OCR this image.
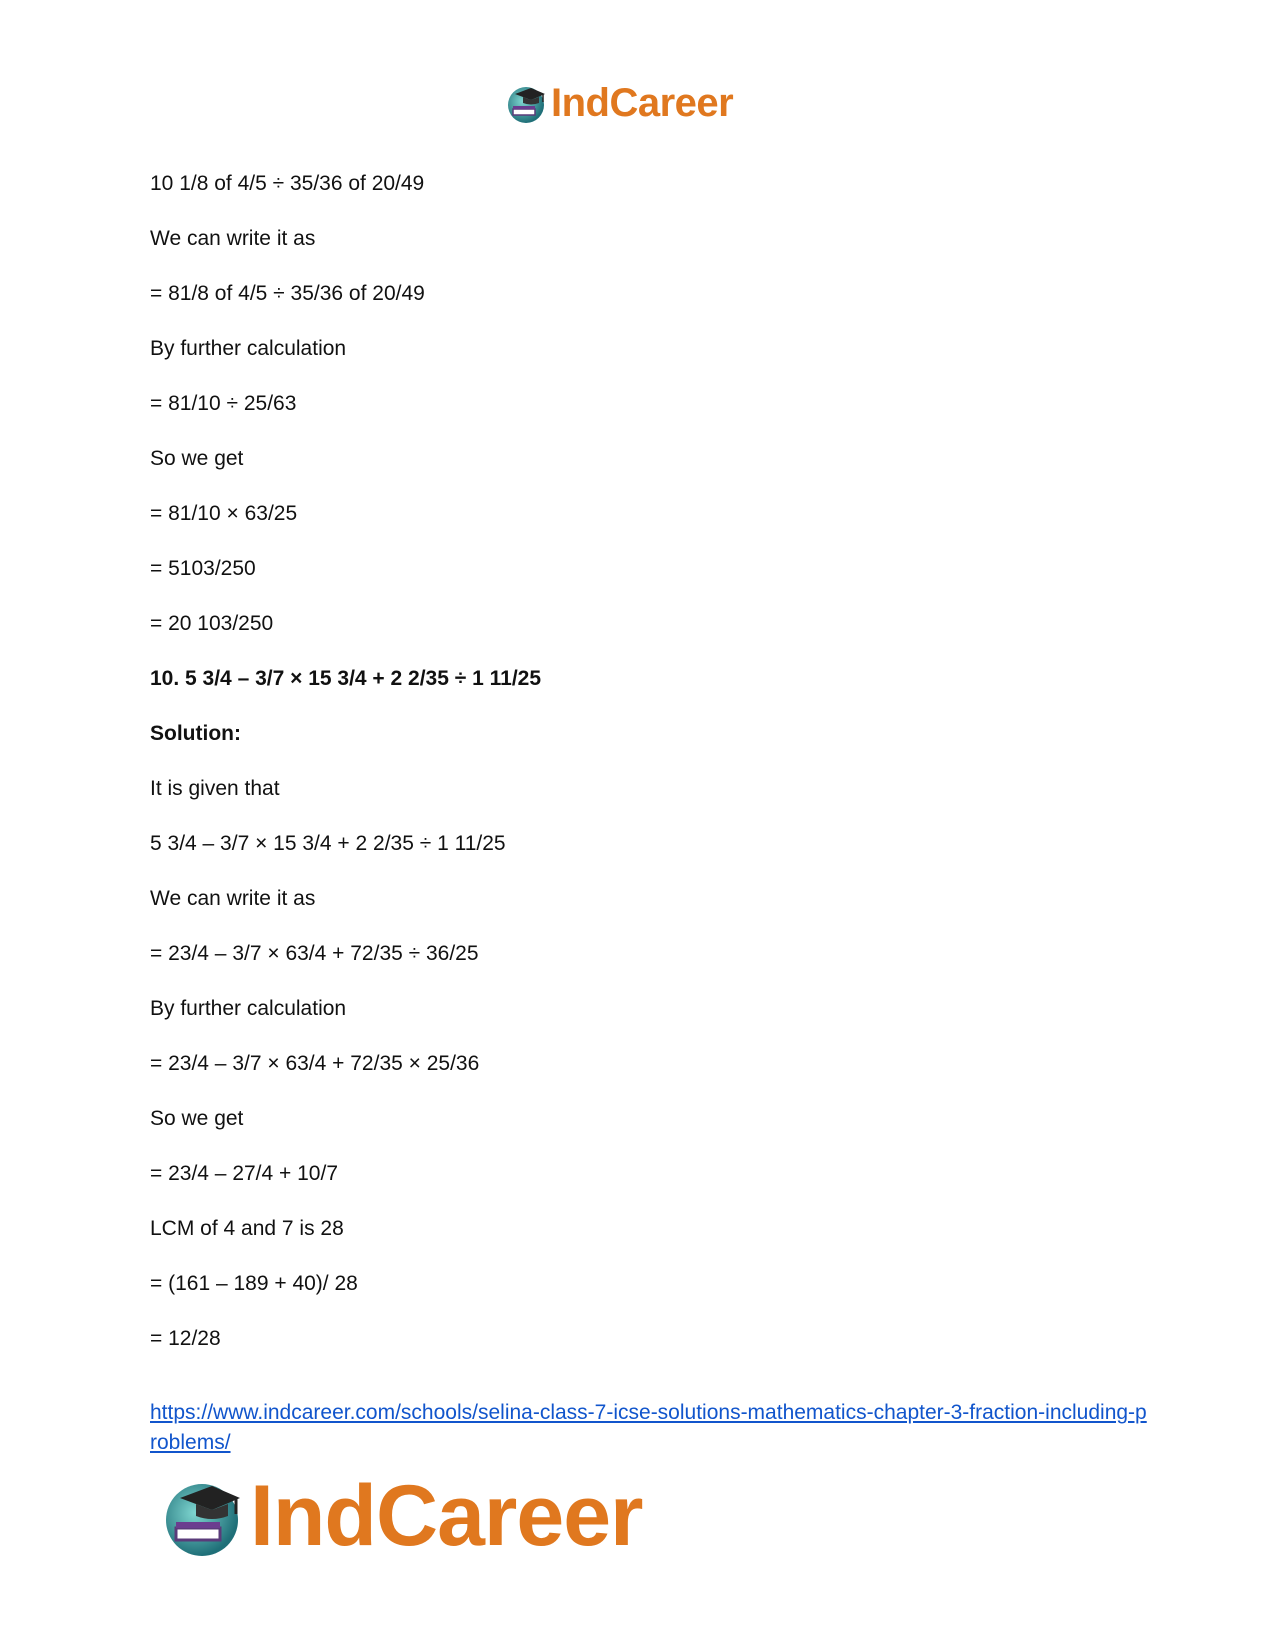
IndCareer
10 1/8 of 4/5 ÷ 35/36 of 20/49
We can write it as
= 81/8 of 4/5 ÷ 35/36 of 20/49
By further calculation
= 81/10 ÷ 25/63
So we get
= 81/10 × 63/25
= 5103/250
= 20 103/250
10. 5 3/4 – 3/7 × 15 3/4 + 2 2/35 ÷ 1 11/25
Solution:
It is given that
5 3/4 – 3/7 × 15 3/4 + 2 2/35 ÷ 1 11/25
We can write it as
= 23/4 – 3/7 × 63/4 + 72/35 ÷ 36/25
By further calculation
= 23/4 – 3/7 × 63/4 + 72/35 × 25/36
So we get
= 23/4 – 27/4 + 10/7
LCM of 4 and 7 is 28
= (161 – 189 + 40)/ 28
= 12/28
https://www.indcareer.com/schools/selina-class-7-icse-solutions-mathematics-chapter-3-fraction-including-problems/
IndCareer
